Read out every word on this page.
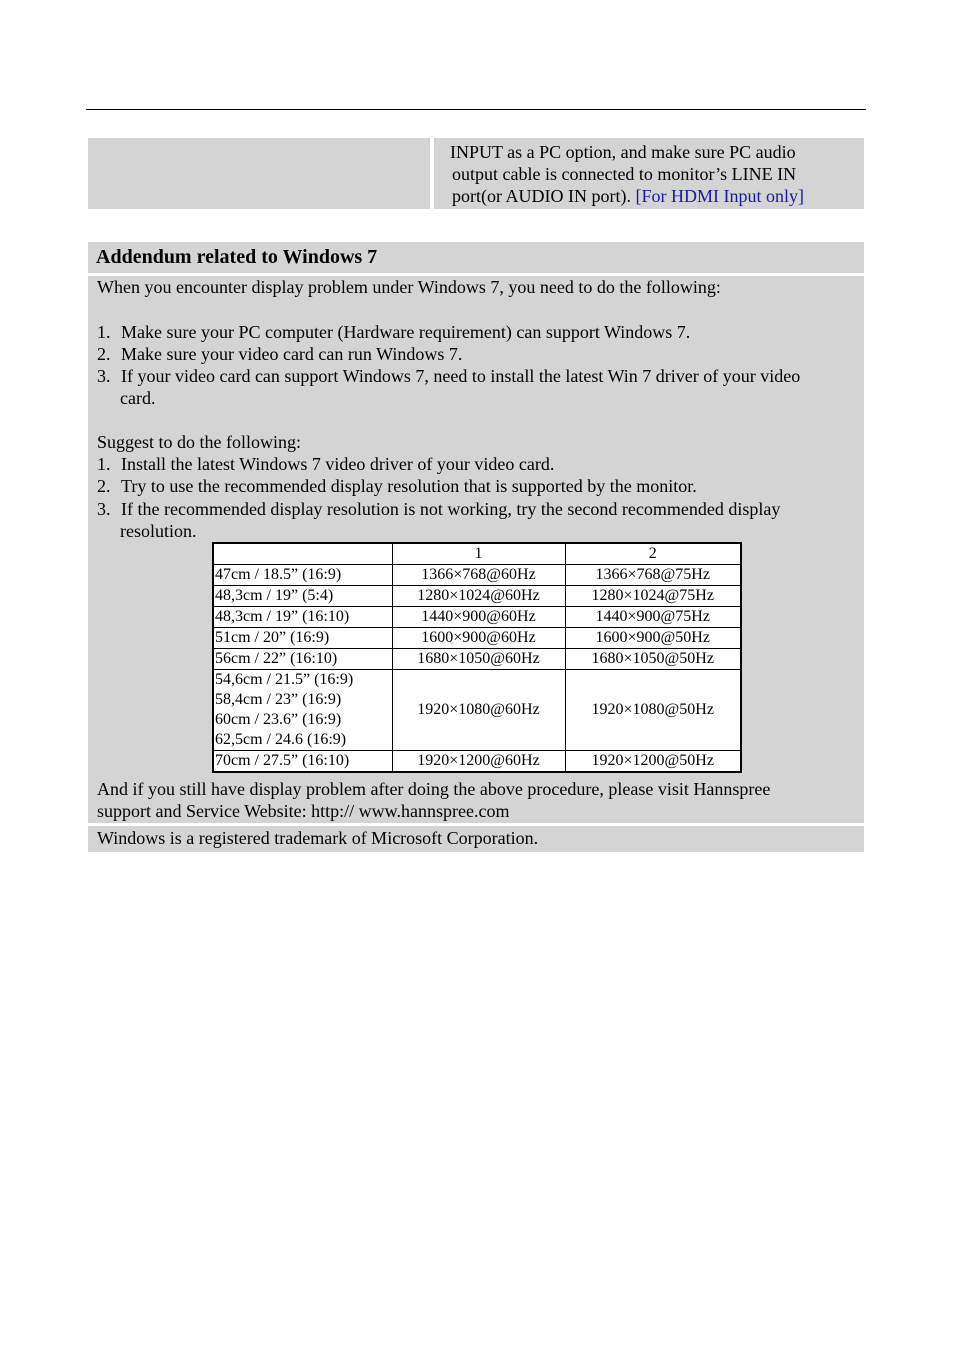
INPUT as a PC option, and make sure PC audio
output cable is connected to monitor’s LINE IN
port(or AUDIO IN port). [For HDMI Input only]
Addendum related to Windows 7
When you encounter display problem under Windows 7, you need to do the following:
1. Make sure your PC computer (Hardware requirement) can support Windows 7.
2. Make sure your video card can run Windows 7.
3. If your video card can support Windows 7, need to install the latest Win 7 driver of your video
card.
Suggest to do the following:
1. Install the latest Windows 7 video driver of your video card.
2. Try to use the recommended display resolution that is supported by the monitor.
3. If the recommended display resolution is not working, try the second recommended display
resolution.
	1	2
47cm / 18.5” (16:9)	1366×768@60Hz	1366×768@75Hz
48,3cm / 19” (5:4)	1280×1024@60Hz	1280×1024@75Hz
48,3cm / 19” (16:10)	1440×900@60Hz	1440×900@75Hz
51cm / 20” (16:9)	1600×900@60Hz	1600×900@50Hz
56cm / 22” (16:10)	1680×1050@60Hz	1680×1050@50Hz

54,6cm / 21.5” (16:9)
58,4cm / 23” (16:9)
60cm / 23.6” (16:9)
62,5cm / 24.6 (16:9)	1920×1080@60Hz	1920×1080@50Hz
70cm / 27.5” (16:10)	1920×1200@60Hz	1920×1200@50Hz
And if you still have display problem after doing the above procedure, please visit Hannspree
support and Service Website: http:// www.hannspree.com
Windows is a registered trademark of Microsoft Corporation.
